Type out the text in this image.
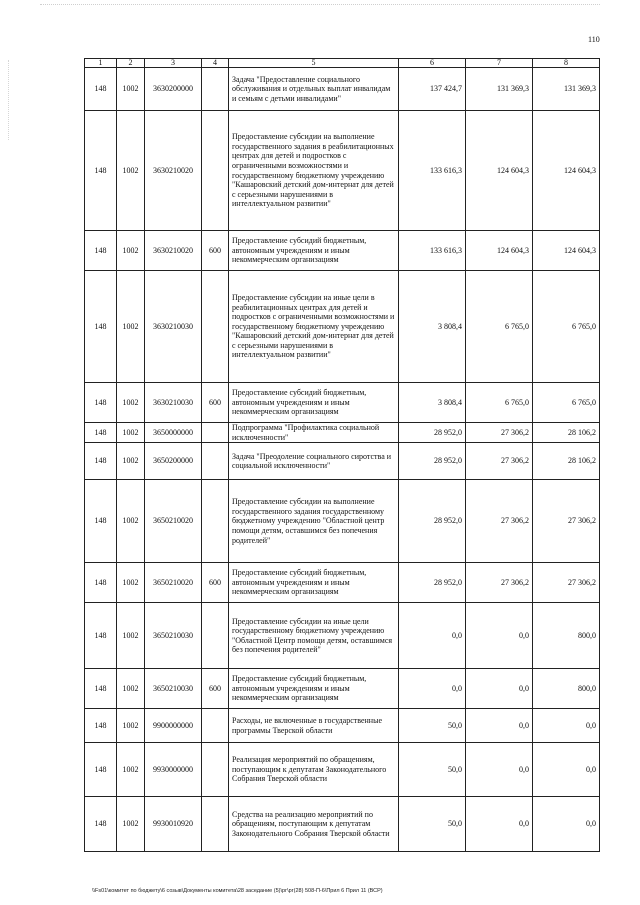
110
1	2	3	4	5	6	7	8
148	1002	3630200000		Задача "Предоставление социального обслуживания и отдельных выплат инвалидам и семьям с детьми инвалидами"	137 424,7	131 369,3	131 369,3
148	1002	3630210020		Предоставление субсидии на выполнение государственного задания в реабилитационных центрах для детей и подростков с ограниченными возможностями и государственному бюджетному учреждению "Кашаровский детский дом-интернат для детей с серьезными нарушениями в интеллектуальном развитии"	133 616,3	124 604,3	124 604,3
148	1002	3630210020	600	Предоставление субсидий бюджетным, автономным учреждениям и иным некоммерческим организациям	133 616,3	124 604,3	124 604,3
148	1002	3630210030		Предоставление субсидии на иные цели в реабилитационных центрах для детей и подростков с ограниченными возможностями и государственному бюджетному учреждению "Кашаровский детский дом-интернат для детей с серьезными нарушениями в интеллектуальном развитии"	3 808,4	6 765,0	6 765,0
148	1002	3630210030	600	Предоставление субсидий бюджетным, автономным учреждениям и иным некоммерческим организациям	3 808,4	6 765,0	6 765,0
148	1002	3650000000		Подпрограмма "Профилактика социальной исключенности"	28 952,0	27 306,2	28 106,2
148	1002	3650200000		Задача "Преодоление социального сиротства и социальной исключенности"	28 952,0	27 306,2	28 106,2
148	1002	3650210020		Предоставление субсидии на выполнение государственного задания государственному бюджетному учреждению "Областной центр помощи детям, оставшимся без попечения родителей"	28 952,0	27 306,2	27 306,2
148	1002	3650210020	600	Предоставление субсидий бюджетным, автономным учреждениям и иным некоммерческим организациям	28 952,0	27 306,2	27 306,2
148	1002	3650210030		Предоставление субсидии на иные цели государственному бюджетному учреждению "Областной Центр помощи детям, оставшимся без попечения родителей"	0,0	0,0	800,0
148	1002	3650210030	600	Предоставление субсидий бюджетным, автономным учреждениям и иным некоммерческим организациям	0,0	0,0	800,0
148	1002	9900000000		Расходы, не включенные в государственные программы Тверской области	50,0	0,0	0,0
148	1002	9930000000		Реализация мероприятий по обращениям, поступающим к депутатам Законодательного Собрания Тверской области	50,0	0,0	0,0
148	1002	9930010920		Средства на реализацию мероприятий по обращениям, поступающим к депутатам Законодательного Собрания Тверской области	50,0	0,0	0,0
\\Fs01\комитет по бюджету\6 созыв\Документы комитета\28 заседание (5)\рг\рг(28) 508-П-6\Прил 6 Прил 11 (ВСР)
